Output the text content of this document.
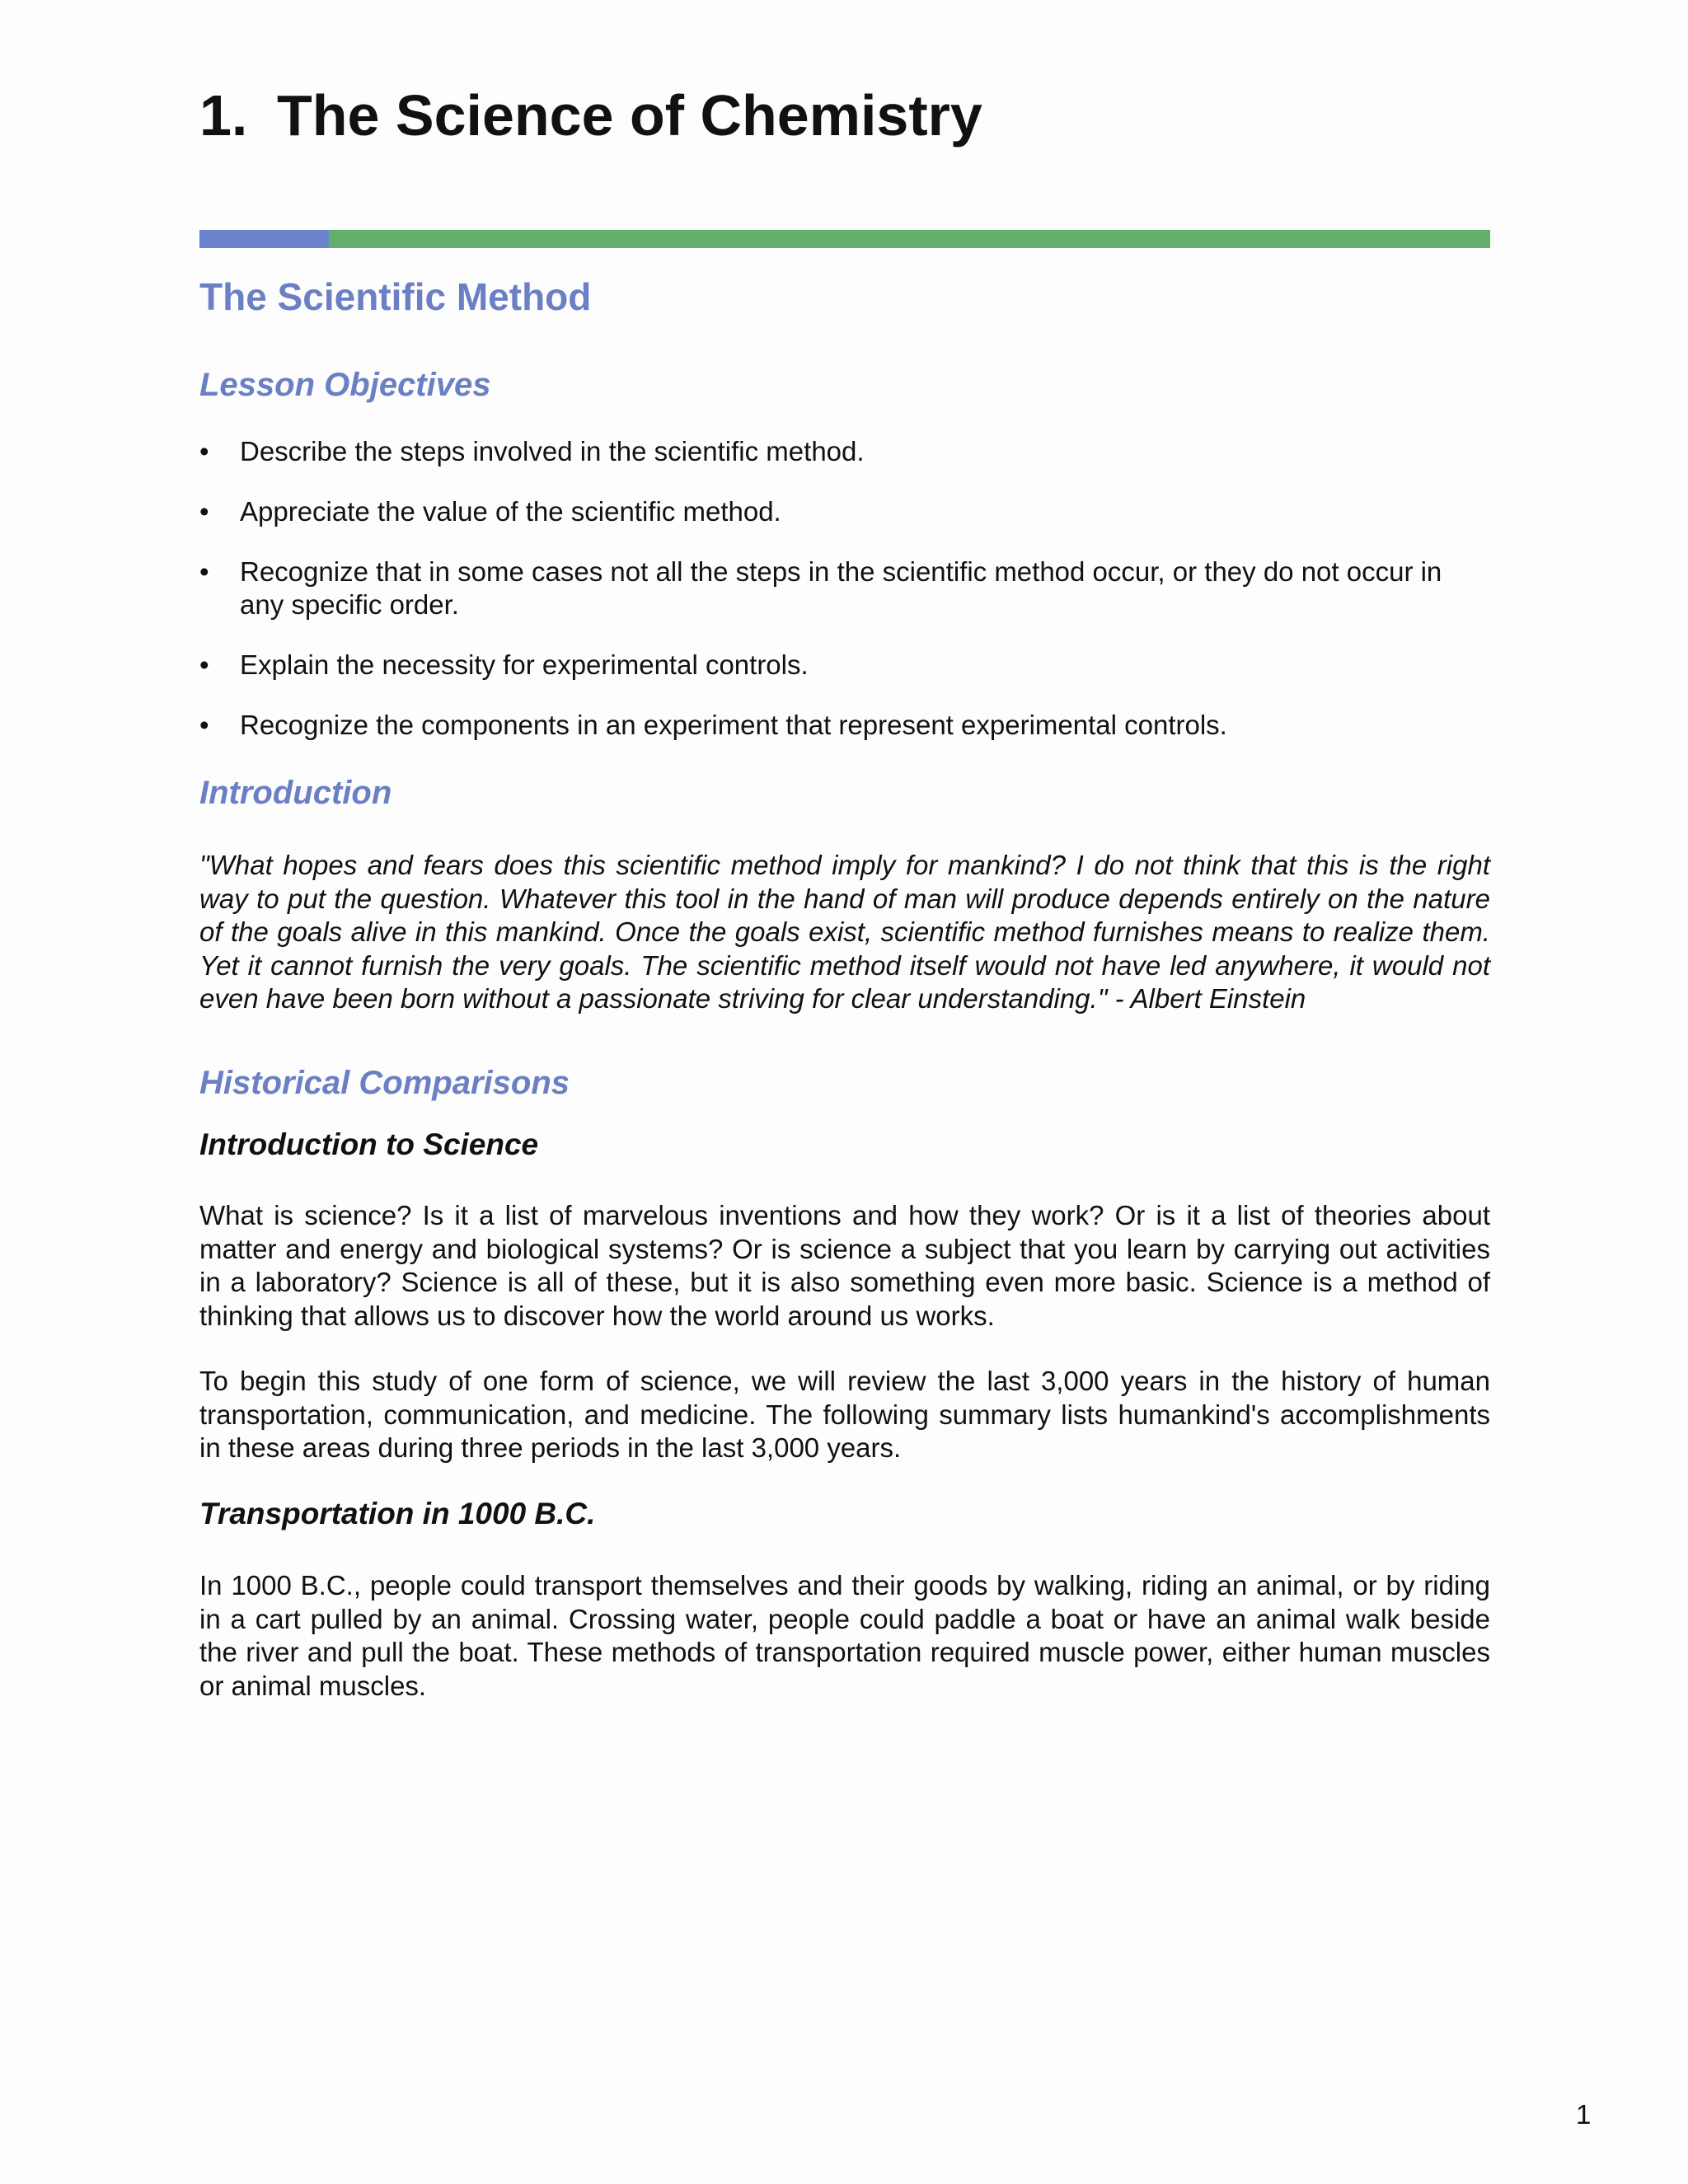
1. The Science of Chemistry
The Scientific Method
Lesson Objectives
• Describe the steps involved in the scientific method.
• Appreciate the value of the scientific method.
• Recognize that in some cases not all the steps in the scientific method occur, or they do not occur in any specific order.
• Explain the necessity for experimental controls.
• Recognize the components in an experiment that represent experimental controls.
Introduction

"What hopes and fears does this scientific method imply for mankind? I do not think that this is the right way to put the question. Whatever this tool in the hand of man will produce depends entirely on the nature of the goals alive in this mankind. Once the goals exist, scientific method furnishes means to realize them. Yet it cannot furnish the very goals. The scientific method itself would not have led anywhere, it would not even have been born without a passionate striving for clear understanding." - Albert Einstein

Historical Comparisons
Introduction to Science

What is science? Is it a list of marvelous inventions and how they work? Or is it a list of theories about matter and energy and biological systems? Or is science a subject that you learn by carrying out activities in a laboratory? Science is all of these, but it is also something even more basic. Science is a method of thinking that allows us to discover how the world around us works.

To begin this study of one form of science, we will review the last 3,000 years in the history of human transportation, communication, and medicine. The following summary lists humankind's accomplishments in these areas during three periods in the last 3,000 years.

Transportation in 1000 B.C.

In 1000 B.C., people could transport themselves and their goods by walking, riding an animal, or by riding in a cart pulled by an animal. Crossing water, people could paddle a boat or have an animal walk beside the river and pull the boat. These methods of transportation required muscle power, either human muscles or animal muscles.

1
